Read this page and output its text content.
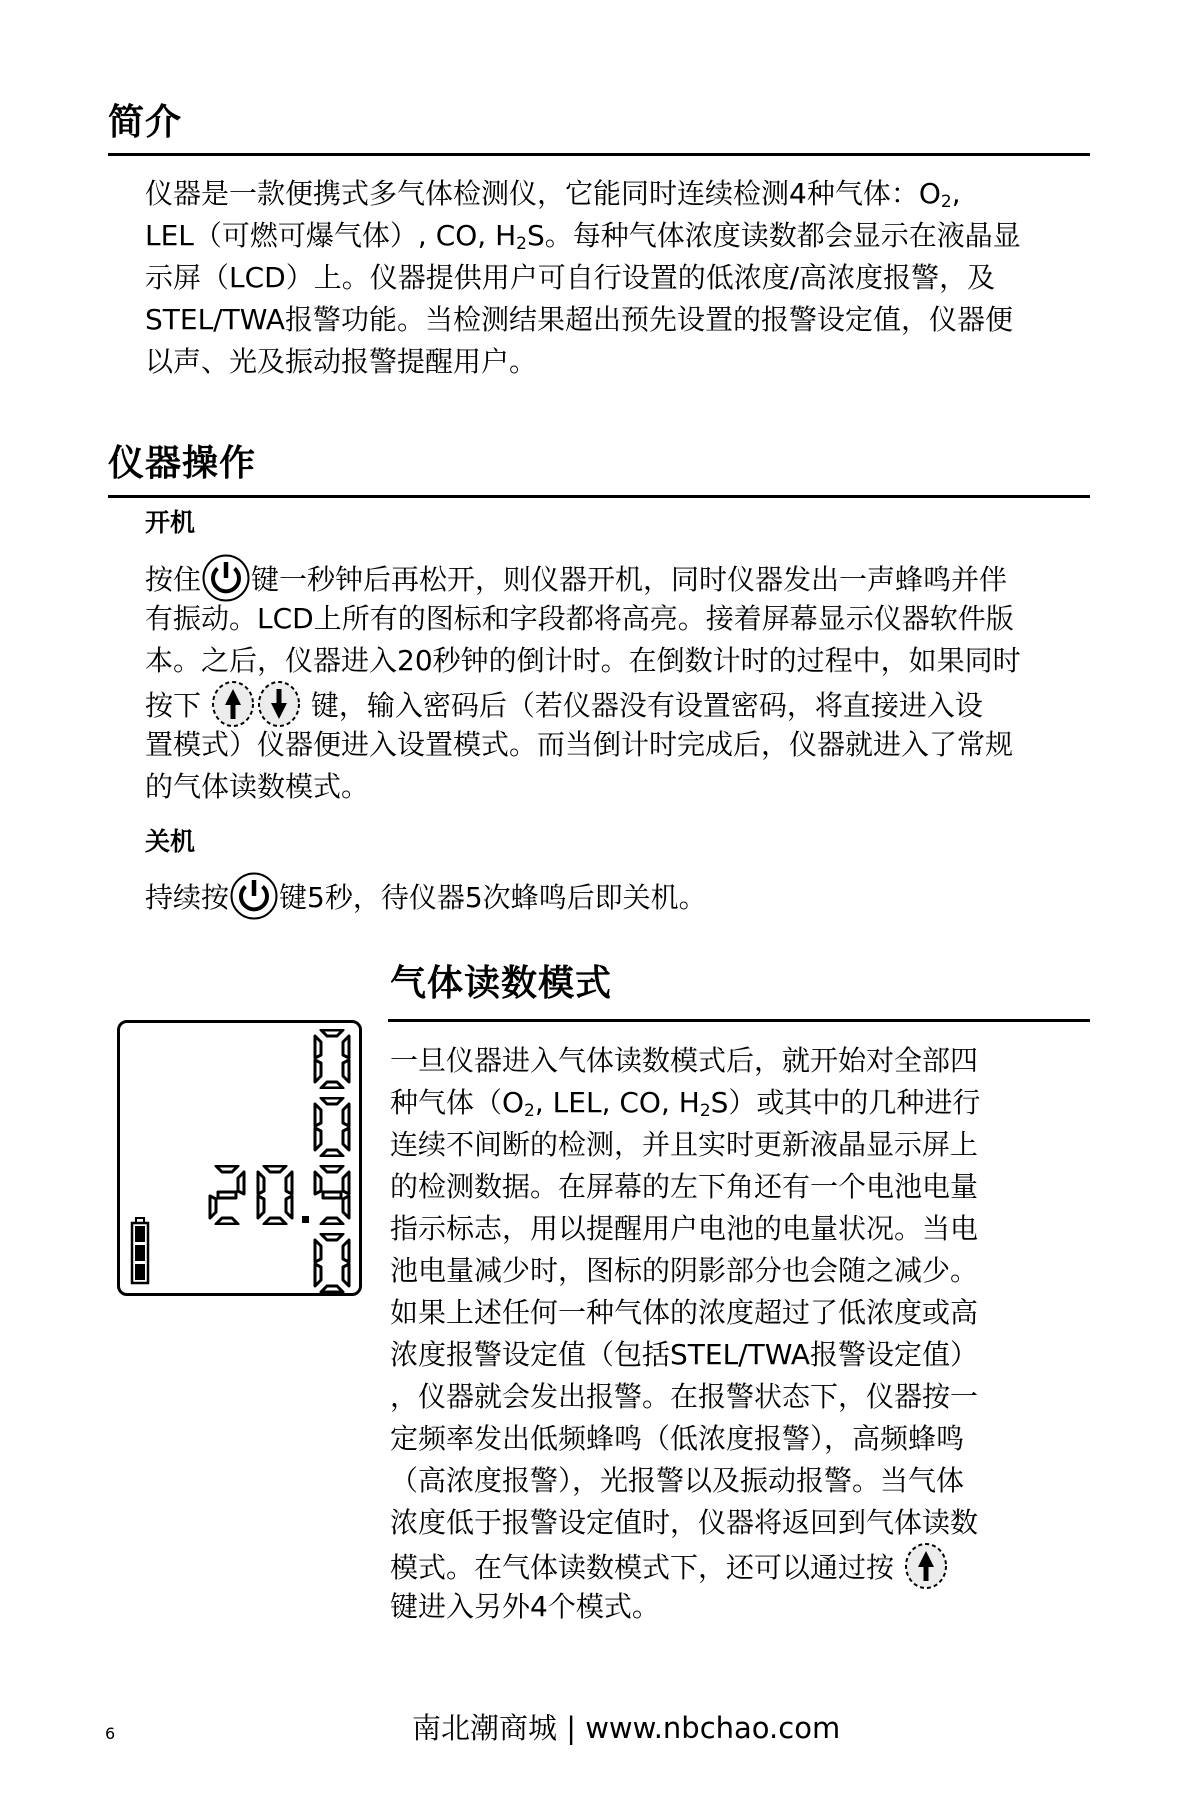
简介
仪器是一款便携式多气体检测仪，它能同时连续检测4种气体：$O_2$,
LEL（可燃可爆气体）, CO, $H_2S$。每种气体浓度读数都会显示在液晶显
示屏（LCD）上。仪器提供用户可自行设置的低浓度/高浓度报警，及
STEL/TWA报警功能。当检测结果超出预先设置的报警设定值，仪器便
以声、光及振动报警提醒用户。
仪器操作
开机
按住 键一秒钟后再松开，则仪器开机，同时仪器发出一声蜂鸣并伴
有振动。LCD上所有的图标和字段都将高亮。接着屏幕显示仪器软件版
本。之后，仪器进入20秒钟的倒计时。在倒数计时的过程中，如果同时
按下	键，输入密码后（若仪器没有设置密码，将直接进入设
置模式）仪器便进入设置模式。而当倒计时完成后，仪器就进入了常规
的气体读数模式。
关机
持续按 键5秒，待仪器5次蜂鸣后即关机。
气体读数模式
一旦仪器进入气体读数模式后，就开始对全部四
种气体（$O_2$, LEL, CO, $H_2S$）或其中的几种进行
连续不间断的检测，并且实时更新液晶显示屏上
的检测数据。在屏幕的左下角还有一个电池电量
指示标志，用以提醒用户电池的电量状况。当电
池电量减少时，图标的阴影部分也会随之减少。
如果上述任何一种气体的浓度超过了低浓度或高
浓度报警设定值（包括STEL/TWA报警设定值）
，仪器就会发出报警。在报警状态下，仪器按一
定频率发出低频蜂鸣（低浓度报警），高频蜂鸣
（高浓度报警），光报警以及振动报警。当气体
浓度低于报警设定值时，仪器将返回到气体读数
模式。在气体读数模式下，还可以通过按
键进入另外4个模式。
6	南北潮商城 | www.nbchao.com
